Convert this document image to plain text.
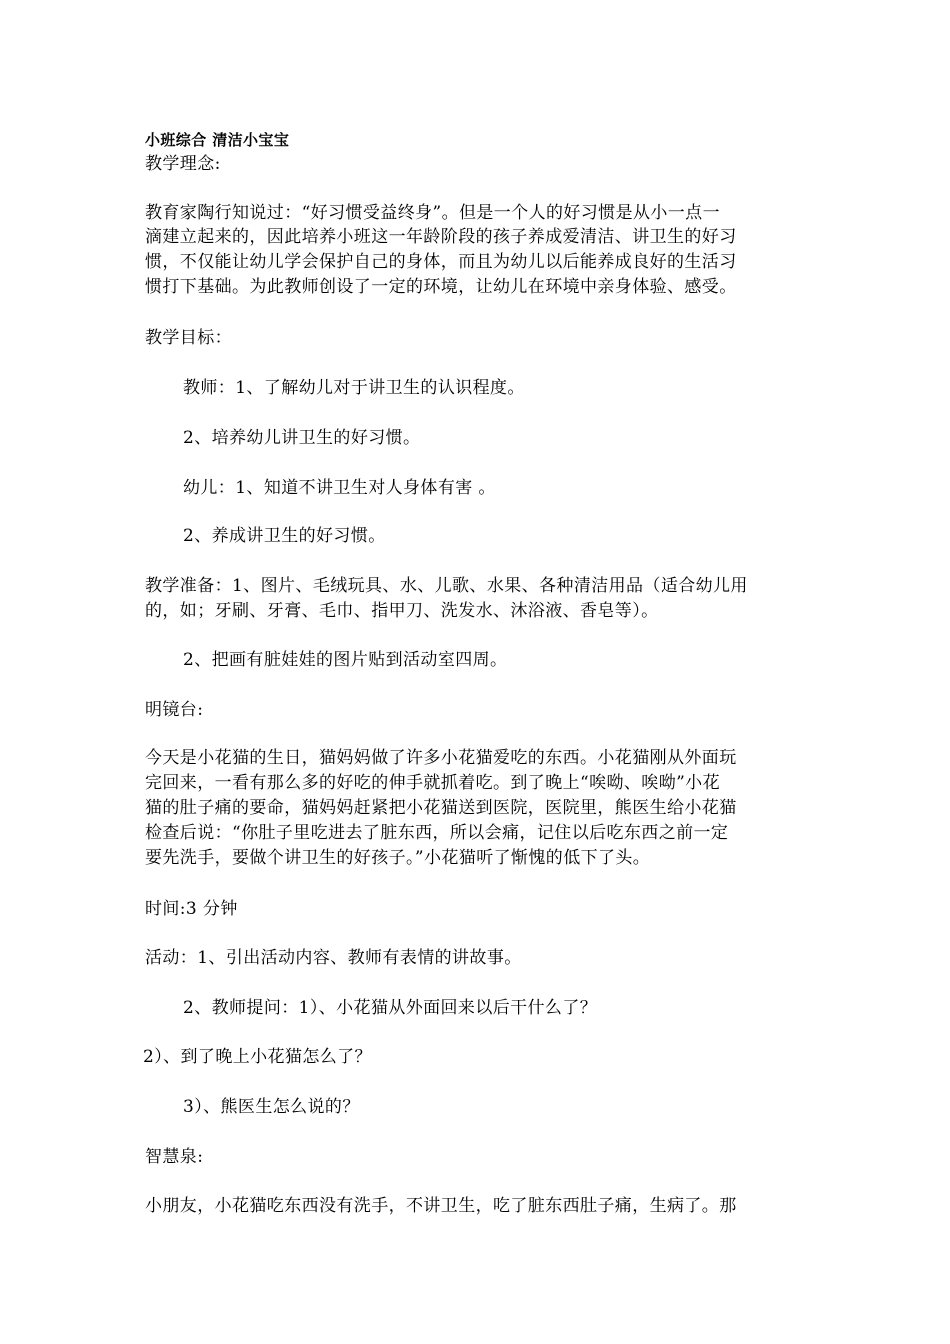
小班综合 清洁小宝宝
教学理念:
教育家陶行知说过：“好习惯受益终身”。但是一个人的好习惯是从小一点一
滴建立起来的，因此培养小班这一年龄阶段的孩子养成爱清洁、讲卫生的好习
惯，不仅能让幼儿学会保护自己的身体，而且为幼儿以后能养成良好的生活习
惯打下基础。为此教师创设了一定的环境，让幼儿在环境中亲身体验、感受。
教学目标：
教师：1、了解幼儿对于讲卫生的认识程度。
2、培养幼儿讲卫生的好习惯。
幼儿：1、知道不讲卫生对人身体有害 。
2、养成讲卫生的好习惯。
教学准备：1、图片、毛绒玩具、水、儿歌、水果、各种清洁用品（适合幼儿用
的，如；牙刷、牙膏、毛巾、指甲刀、洗发水、沐浴液、香皂等）。
2、把画有脏娃娃的图片贴到活动室四周。
明镜台:
今天是小花猫的生日，猫妈妈做了许多小花猫爱吃的东西。小花猫刚从外面玩
完回来，一看有那么多的好吃的伸手就抓着吃。到了晚上“唉呦、唉呦”小花
猫的肚子痛的要命，猫妈妈赶紧把小花猫送到医院，医院里，熊医生给小花猫
检查后说：“你肚子里吃进去了脏东西，所以会痛，记住以后吃东西之前一定
要先洗手，要做个讲卫生的好孩子。”小花猫听了惭愧的低下了头。
时间:3 分钟
活动：1、引出活动内容、教师有表情的讲故事。
2、教师提问：1）、小花猫从外面回来以后干什么了？
2）、到了晚上小花猫怎么了？
3）、熊医生怎么说的？
智慧泉:
小朋友，小花猫吃东西没有洗手，不讲卫生，吃了脏东西肚子痛，生病了。那
